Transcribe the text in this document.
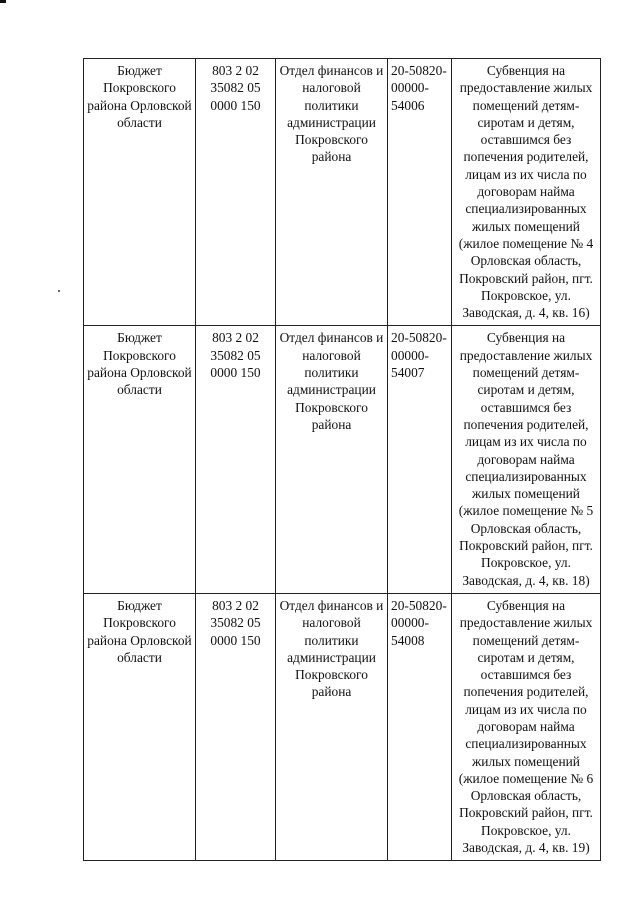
Бюджет Покровского района Орловской области	803 2 02 35082 05 0000 150	Отдел финансов и налоговой политики администрации Покровского района	20-50820-00000-54006	Субвенция на предоставление жилых помещений детям-сиротам и детям, оставшимся без попечения родителей, лицам из их числа по договорам найма специализированных жилых помещений (жилое помещение № 4 Орловская область, Покровский район, пгт. Покровское, ул. Заводская, д. 4, кв. 16)

Бюджет Покровского района Орловской области	803 2 02 35082 05 0000 150	Отдел финансов и налоговой политики администрации Покровского района	20-50820-00000-54007	Субвенция на предоставление жилых помещений детям-сиротам и детям, оставшимся без попечения родителей, лицам из их числа по договорам найма специализированных жилых помещений (жилое помещение № 5 Орловская область, Покровский район, пгт. Покровское, ул. Заводская, д. 4, кв. 18)

Бюджет Покровского района Орловской области	803 2 02 35082 05 0000 150	Отдел финансов и налоговой политики администрации Покровского района	20-50820-00000-54008	Субвенция на предоставление жилых помещений детям-сиротам и детям, оставшимся без попечения родителей, лицам из их числа по договорам найма специализированных жилых помещений (жилое помещение № 6 Орловская область, Покровский район, пгт. Покровское, ул. Заводская, д. 4, кв. 19)
